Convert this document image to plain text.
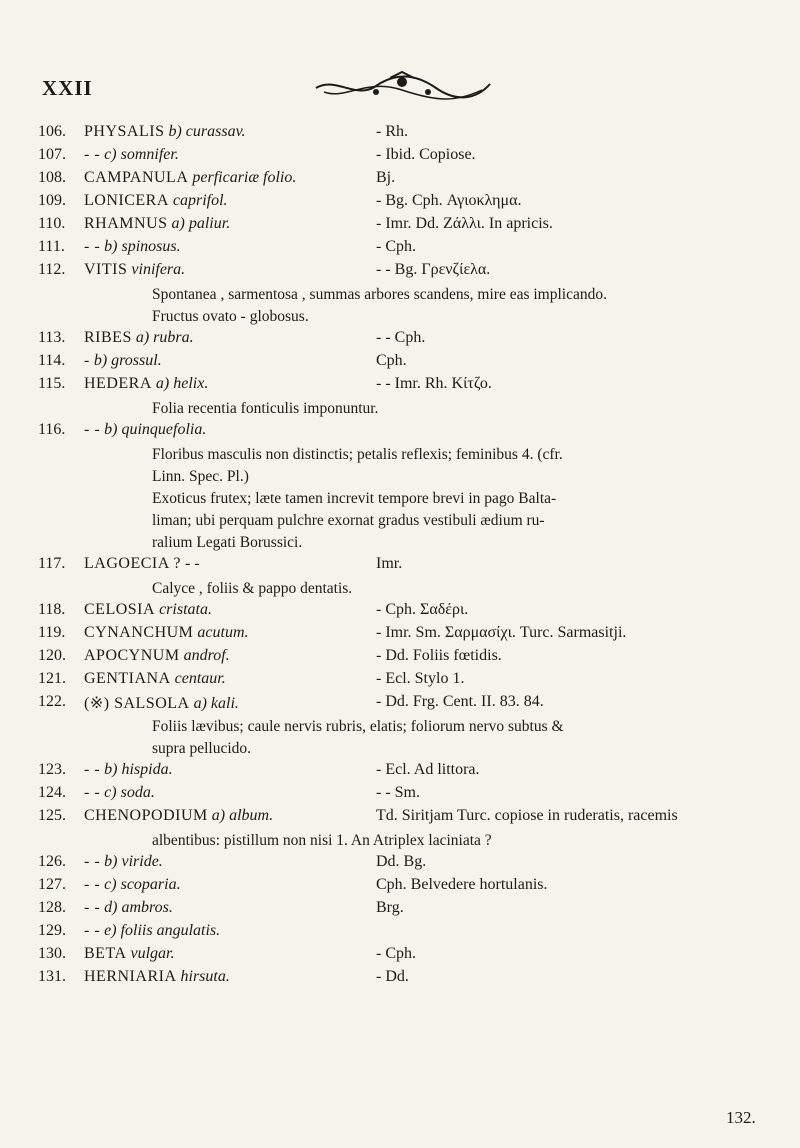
XXII
106.	PHYSALIS b) curassav.	- Rh.
107.	- - c) somnifer.	- Ibid. Copiose.
108.	CAMPANULA perficariæ folio.	Bj.
109.	LONICERA caprifol.	- Bg. Cph. Αγιοκλημα.
110.	RHAMNUS a) paliur.	- Imr. Dd. Ζάλλι. In apricis.
111.	- - b) spinosus.	- Cph.
112.	VITIS vinifera.	- - Bg. Γρενζίελα.
Spontanea , sarmentosa , summas arbores scandens, mire eas implicando.
Fructus ovato - globosus.
113.	RIBES a) rubra.	- - Cph.
114.	- b) grossul.	Cph.
115.	HEDERA a) helix.	- - Imr. Rh. Κίτζο.
Folia recentia fonticulis imponuntur.
116.	- - b) quinquefolia.
Floribus masculis non distinctis; petalis reflexis; feminibus 4. (cfr.
Linn. Spec. Pl.)
Exoticus frutex; læte tamen increvit tempore brevi in pago Balta-
liman; ubi perquam pulchre exornat gradus vestibuli ædium ru-
ralium Legati Borussici.
117.	LAGOECIA ? - -	Imr.
Calyce , foliis & pappo dentatis.
118.	CELOSIA cristata.	- Cph. Σαδέρι.
119.	CYNANCHUM acutum.	- Imr. Sm. Σαρμασίχι. Turc. Sarmasitji.
120.	APOCYNUM androf.	- Dd. Foliis fœtidis.
121.	GENTIANA centaur.	- Ecl. Stylo 1.
122.	(※) SALSOLA a) kali.	- Dd. Frg. Cent. II. 83. 84.
Foliis lævibus; caule nervis rubris, elatis; foliorum nervo subtus &
supra pellucido.
123.	- - b) hispida.	- Ecl. Ad littora.
124.	- - c) soda.	- - Sm.
125.	CHENOPODIUM a) album.	Td. Siritjam Turc. copiose in ruderatis, racemis
albentibus: pistillum non nisi 1. An Atriplex laciniata ?
126.	- - b) viride.	Dd. Bg.
127.	- - c) scoparia.	Cph. Belvedere hortulanis.
128.	- - d) ambros.	Brg.
129.	- - e) foliis angulatis.
130.	BETA vulgar.	- Cph.
131.	HERNIARIA hirsuta.	- Dd.
132.
